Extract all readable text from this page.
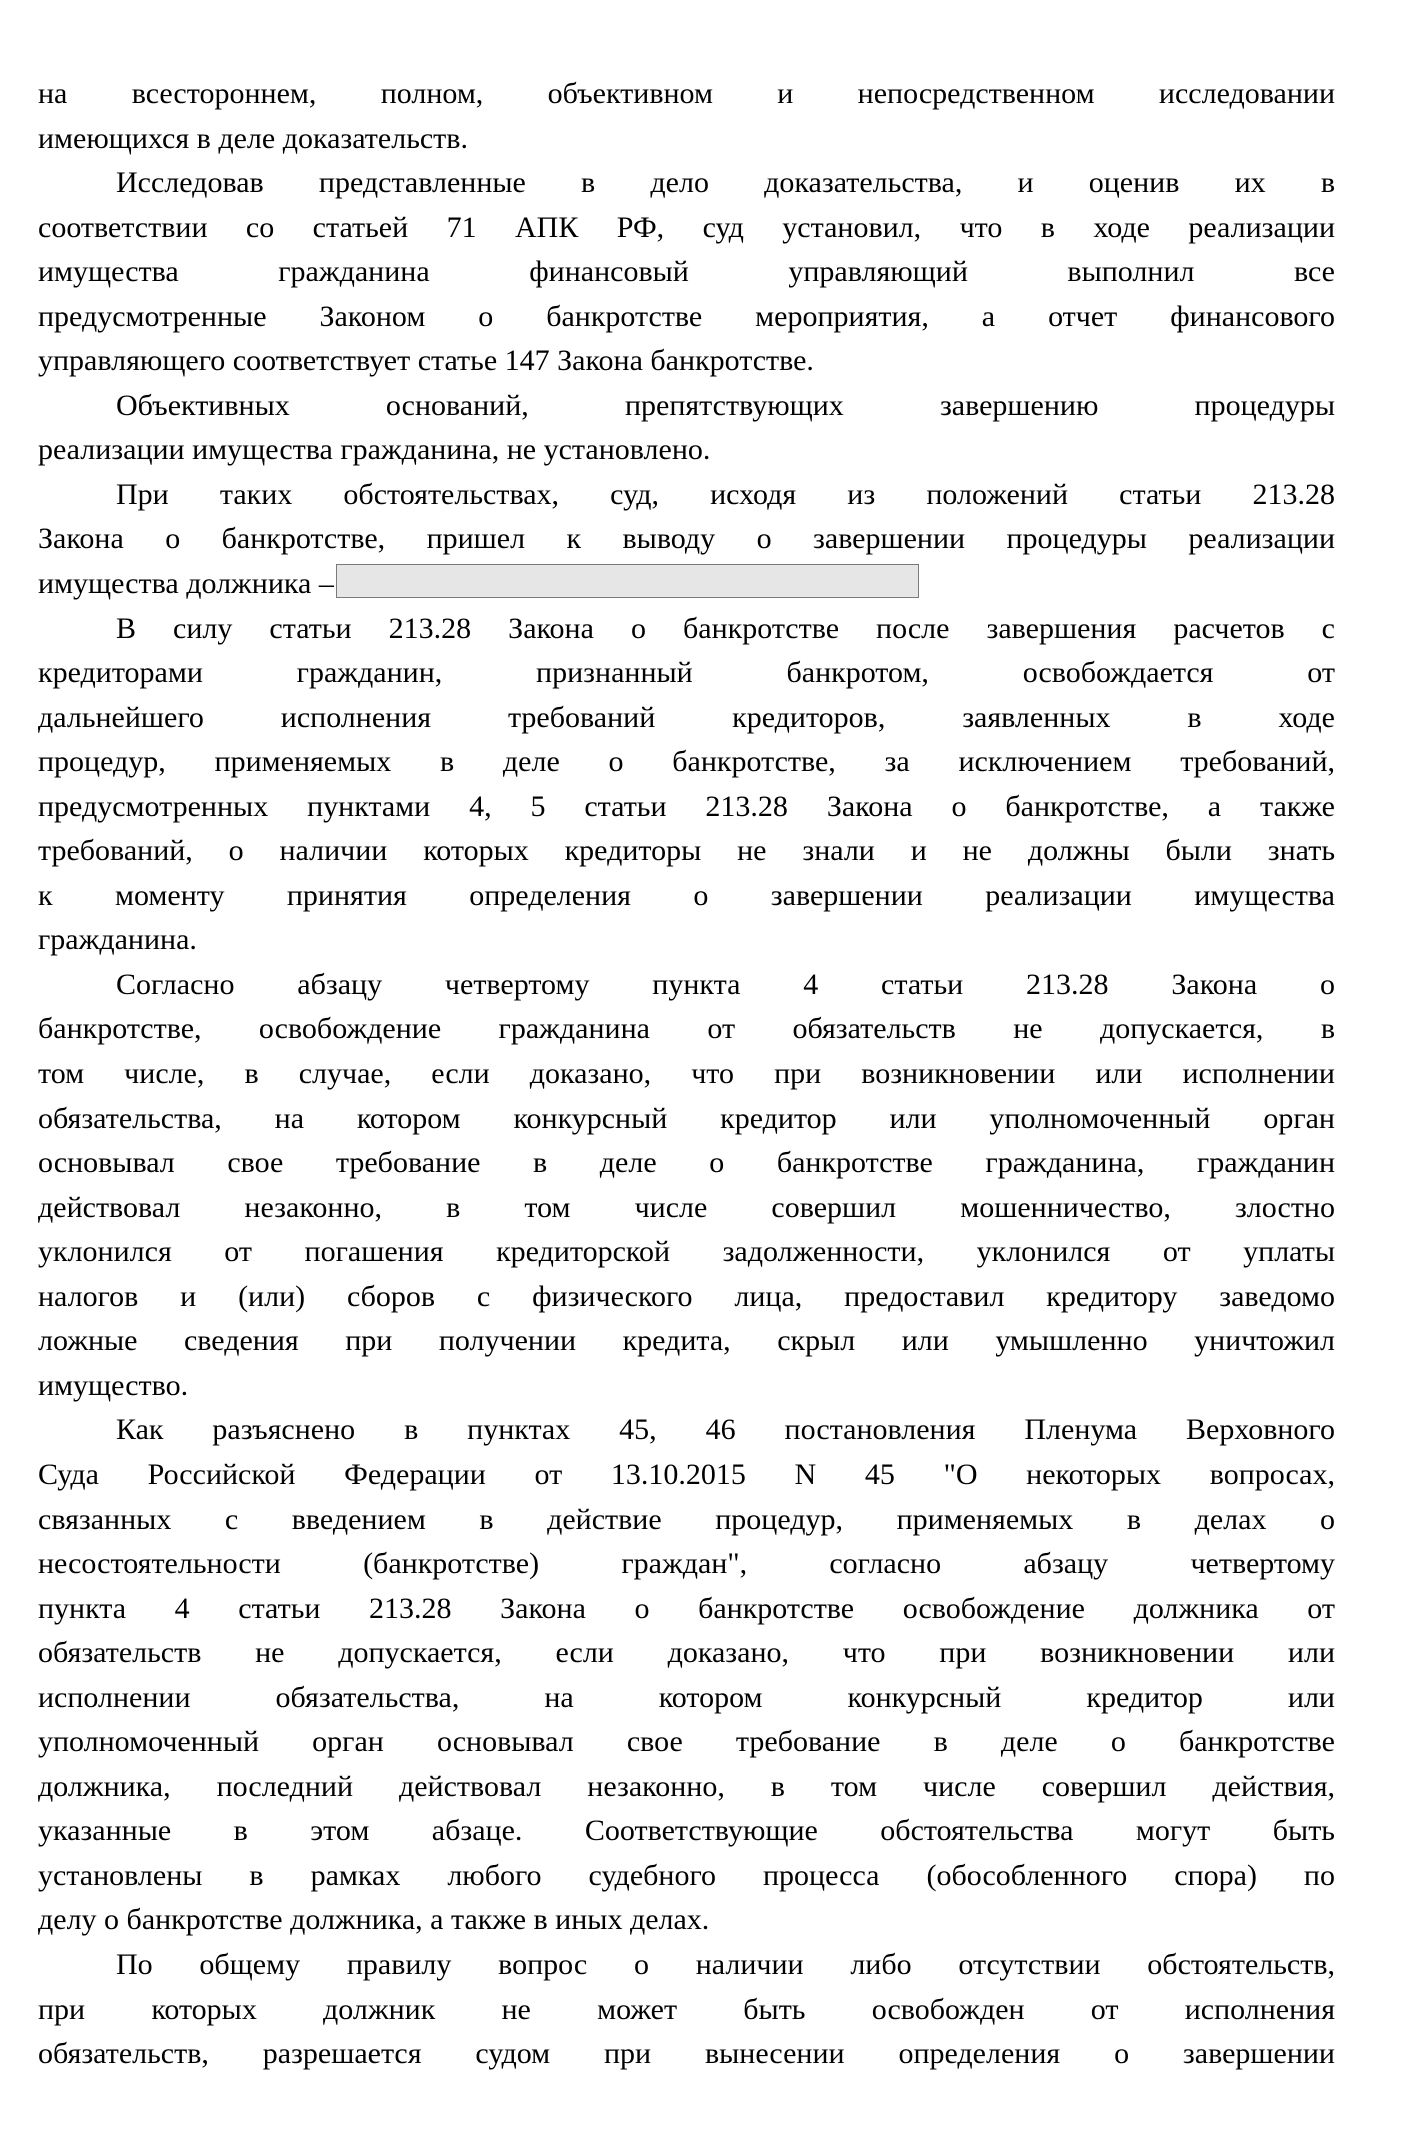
на всестороннем, полном, объективном и непосредственном исследовании
имеющихся в деле доказательств.

Исследовав представленные в дело доказательства, и оценив их в
соответствии со статьей 71 АПК РФ, суд установил, что в ходе реализации
имущества гражданина финансовый управляющий выполнил все
предусмотренные Законом о банкротстве мероприятия, а отчет финансового
управляющего соответствует статье 147 Закона банкротстве.

Объективных оснований, препятствующих завершению процедуры
реализации имущества гражданина, не установлено.

При таких обстоятельствах, суд, исходя из положений статьи 213.28
Закона о банкротстве, пришел к выводу о завершении процедуры реализации
имущества должника –

В силу статьи 213.28 Закона о банкротстве после завершения расчетов с
кредиторами гражданин, признанный банкротом, освобождается от
дальнейшего исполнения требований кредиторов, заявленных в ходе
процедур, применяемых в деле о банкротстве, за исключением требований,
предусмотренных пунктами 4, 5 статьи 213.28 Закона о банкротстве, а также
требований, о наличии которых кредиторы не знали и не должны были знать
к моменту принятия определения о завершении реализации имущества
гражданина.

Согласно абзацу четвертому пункта 4 статьи 213.28 Закона о
банкротстве, освобождение гражданина от обязательств не допускается, в
том числе, в случае, если доказано, что при возникновении или исполнении
обязательства, на котором конкурсный кредитор или уполномоченный орган
основывал свое требование в деле о банкротстве гражданина, гражданин
действовал незаконно, в том числе совершил мошенничество, злостно
уклонился от погашения кредиторской задолженности, уклонился от уплаты
налогов и (или) сборов с физического лица, предоставил кредитору заведомо
ложные сведения при получении кредита, скрыл или умышленно уничтожил
имущество.

Как разъяснено в пунктах 45, 46 постановления Пленума Верховного
Суда Российской Федерации от 13.10.2015 N 45 "О некоторых вопросах,
связанных с введением в действие процедур, применяемых в делах о
несостоятельности (банкротстве) граждан", согласно абзацу четвертому
пункта 4 статьи 213.28 Закона о банкротстве освобождение должника от
обязательств не допускается, если доказано, что при возникновении или
исполнении обязательства, на котором конкурсный кредитор или
уполномоченный орган основывал свое требование в деле о банкротстве
должника, последний действовал незаконно, в том числе совершил действия,
указанные в этом абзаце. Соответствующие обстоятельства могут быть
установлены в рамках любого судебного процесса (обособленного спора) по
делу о банкротстве должника, а также в иных делах.

По общему правилу вопрос о наличии либо отсутствии обстоятельств,
при которых должник не может быть освобожден от исполнения
обязательств, разрешается судом при вынесении определения о завершении
